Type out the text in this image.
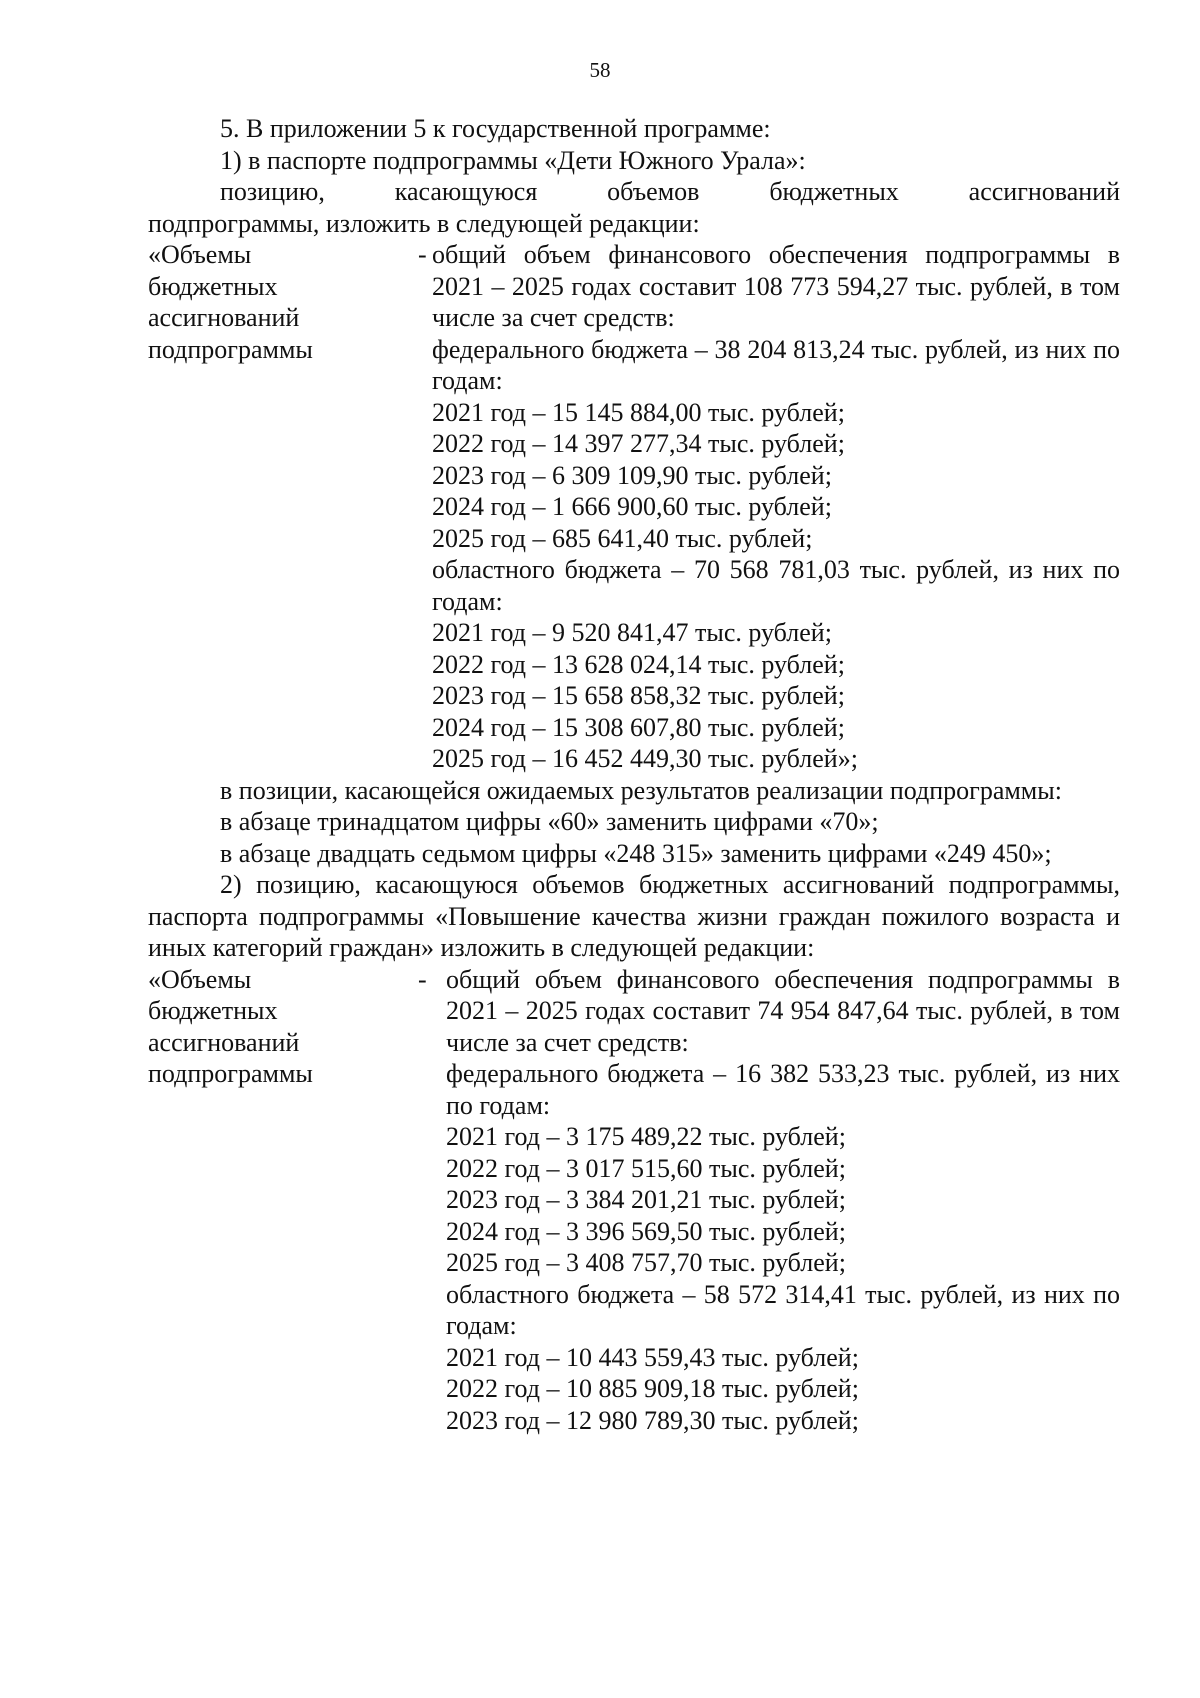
58

5. В приложении 5 к государственной программе:

1) в паспорте подпрограммы «Дети Южного Урала»:

позицию, касающуюся объемов бюджетных ассигнований

подпрограммы, изложить в следующей редакции:

«Объемы
бюджетных
ассигнований
подпрограммы
- общий объем финансового обеспечения подпрограммы в 2021 – 2025 годах составит 108 773 594,27 тыс. рублей, в том числе за счет средств:

федерального бюджета – 38 204 813,24 тыс. рублей, из них по годам:

2021 год – 15 145 884,00 тыс. рублей;

2022 год – 14 397 277,34 тыс. рублей;

2023 год – 6 309 109,90 тыс. рублей;

2024 год – 1 666 900,60 тыс. рублей;

2025 год – 685 641,40 тыс. рублей;

областного бюджета – 70 568 781,03 тыс. рублей, из них по годам:

2021 год – 9 520 841,47 тыс. рублей;

2022 год – 13 628 024,14 тыс. рублей;

2023 год – 15 658 858,32 тыс. рублей;

2024 год – 15 308 607,80 тыс. рублей;

2025 год – 16 452 449,30 тыс. рублей»;

в позиции, касающейся ожидаемых результатов реализации подпрограммы:

в абзаце тринадцатом цифры «60» заменить цифрами «70»;

в абзаце двадцать седьмом цифры «248 315» заменить цифрами «249 450»;

2) позицию, касающуюся объемов бюджетных ассигнований подпрограммы, паспорта подпрограммы «Повышение качества жизни граждан пожилого возраста и иных категорий граждан» изложить в следующей редакции:

«Объемы
бюджетных
ассигнований
подпрограммы
- общий объем финансового обеспечения подпрограммы в 2021 – 2025 годах составит 74 954 847,64 тыс. рублей, в том числе за счет средств:

федерального бюджета – 16 382 533,23 тыс. рублей, из них по годам:

2021 год – 3 175 489,22 тыс. рублей;

2022 год – 3 017 515,60 тыс. рублей;

2023 год – 3 384 201,21 тыс. рублей;

2024 год – 3 396 569,50 тыс. рублей;

2025 год – 3 408 757,70 тыс. рублей;

областного бюджета – 58 572 314,41 тыс. рублей, из них по годам:

2021 год – 10 443 559,43 тыс. рублей;

2022 год – 10 885 909,18 тыс. рублей;

2023 год – 12 980 789,30 тыс. рублей;
